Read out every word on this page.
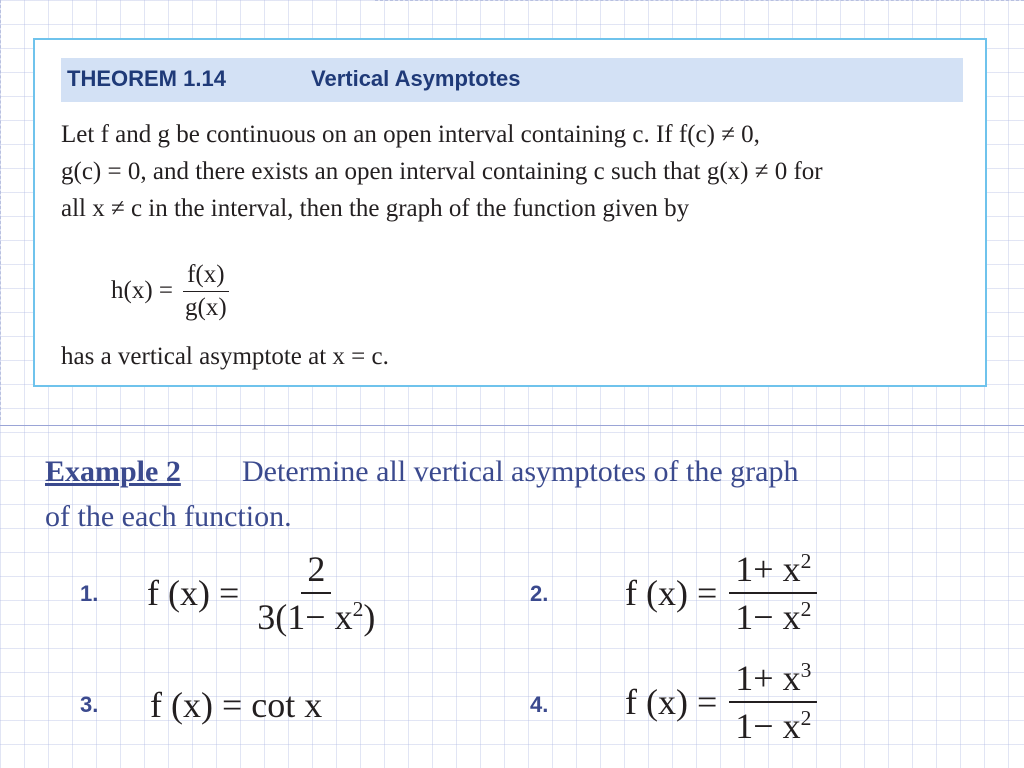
THEOREM 1.14	Vertical Asymptotes
Let f and g be continuous on an open interval containing c. If f(c) ≠ 0,
g(c) = 0, and there exists an open interval containing c such that g(x) ≠ 0 for
all x ≠ c in the interval, then the graph of the function given by
$h(x) = \frac{f(x)}{g(x)}$
has a vertical asymptote at x = c.
Example 2 Determine all vertical asymptotes of the graph
of the each function.
1. f $(x) = \frac{2}{3(1- x^2)}$	2. f $(x) = \frac{1+ x^2}{1- x^2}$
3. f (x) = cot x	4. f $(x) = \frac{1+ x^3}{1- x^2}$
